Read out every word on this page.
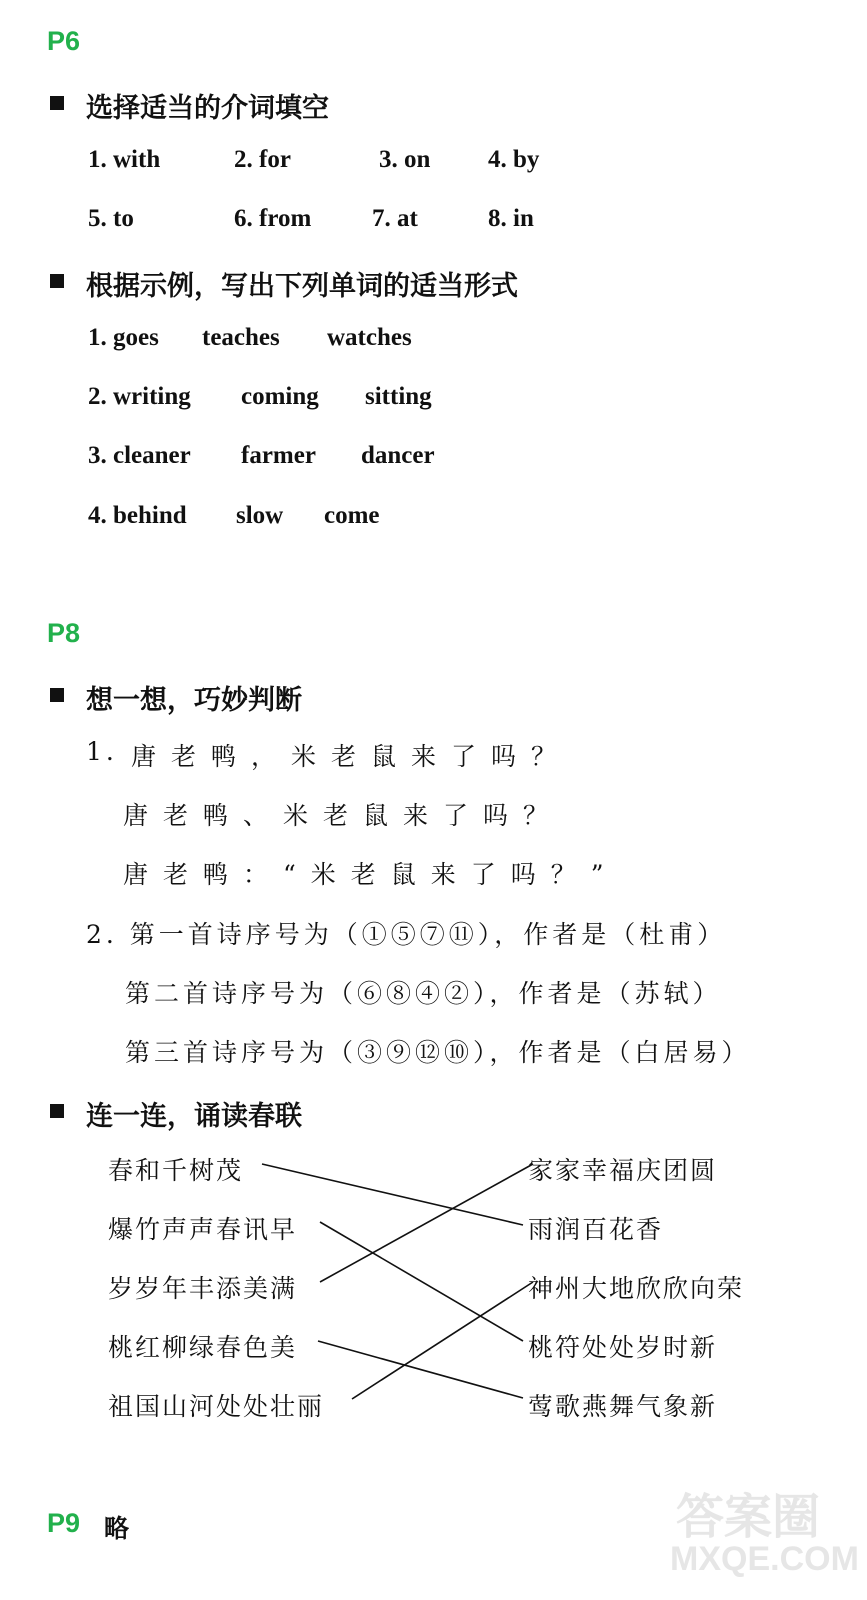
P6
选择适当的介词填空
1. with	2. for	3. on 4. by
5. to	6. from 7. at	8. in
根据示例，写出下列单词的适当形式
1. goes teaches watches
2. writing coming sitting
3. cleaner farmer dancer
4. behind slow come
P8
想一想，巧妙判断
1. 唐老鸭，米老鼠来了吗？
唐老鸭、米老鼠来了吗？
唐老鸭：“米老鼠来了吗？”
2. 第一首诗序号为（①⑤⑦⑪），作者是（杜甫）
第二首诗序号为（⑥⑧④②），作者是（苏轼）
第三首诗序号为（③⑨⑫⑩），作者是（白居易）
连一连，诵读春联
春和千树茂
爆竹声声春讯早
岁岁年丰添美满
桃红柳绿春色美
祖国山河处处壮丽
家家幸福庆团圆
雨润百花香
神州大地欣欣向荣
桃符处处岁时新
莺歌燕舞气象新
P9 略	答案圈
MXQE.COM
